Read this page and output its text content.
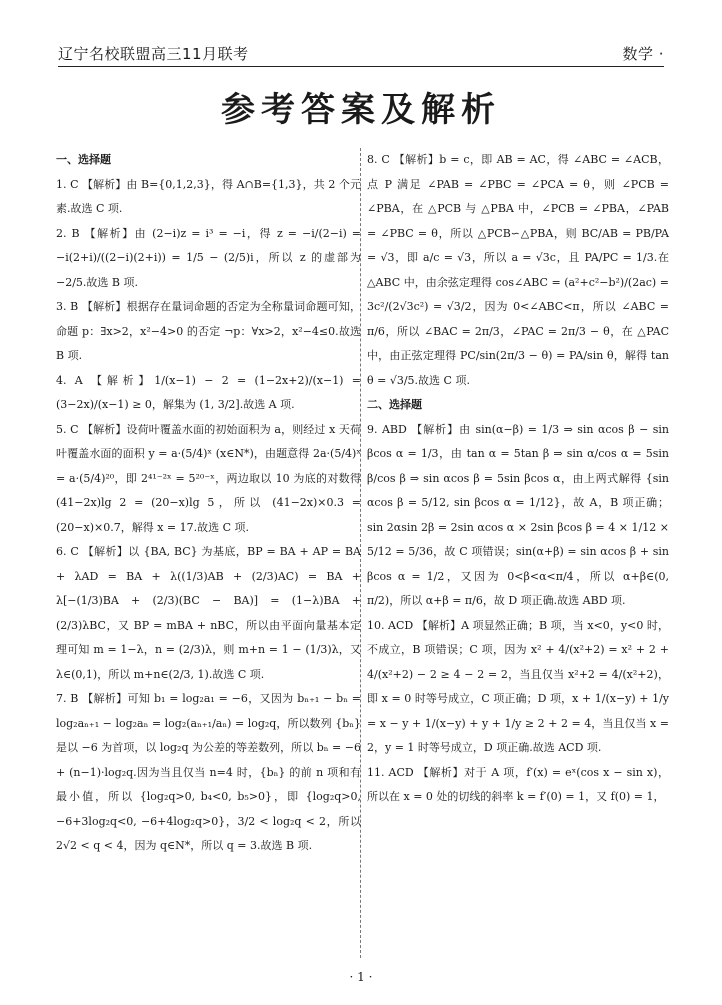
辽宁名校联盟高三11月联考	数学 ·
参考答案及解析
一、选择题

1. C 【解析】由 B={0,1,2,3}，得 A∩B={1,3}，共 2 个元素.故选 C 项.

2. B 【解析】由 (2−i)z = i³ = −i，得 z = −i/(2−i) = −i(2+i)/((2−i)(2+i)) = 1/5 − (2/5)i，所以 z 的虚部为 −2/5.故选 B 项.

3. B 【解析】根据存在量词命题的否定为全称量词命题可知，命题 p：∃x>2，x²−4>0 的否定 ¬p：∀x>2，x²−4≤0.故选 B 项.

4. A 【解析】1/(x−1) − 2 = (1−2x+2)/(x−1) = (3−2x)/(x−1) ≥ 0，解集为 (1, 3/2].故选 A 项.

5. C 【解析】设荷叶覆盖水面的初始面积为 a，则经过 x 天荷叶覆盖水面的面积 y = a·(5/4)ˣ (x∈N*)，由题意得 2a·(5/4)ˣ = a·(5/4)²⁰，即 2⁴¹⁻²ˣ = 5²⁰⁻ˣ，两边取以 10 为底的对数得 (41−2x)lg 2 = (20−x)lg 5，所以 (41−2x)×0.3 = (20−x)×0.7，解得 x = 17.故选 C 项.

6. C 【解析】以 {BA, BC} 为基底，BP = BA + AP = BA + λAD = BA + λ((1/3)AB + (2/3)AC) = BA + λ[−(1/3)BA + (2/3)(BC − BA)] = (1−λ)BA + (2/3)λBC，又 BP = mBA + nBC，所以由平面向量基本定理可知 m = 1−λ，n = (2/3)λ，则 m+n = 1 − (1/3)λ，又 λ∈(0,1)，所以 m+n∈(2/3, 1).故选 C 项.

7. B 【解析】可知 b₁ = log₂a₁ = −6，又因为 bₙ₊₁ − bₙ = log₂aₙ₊₁ − log₂aₙ = log₂(aₙ₊₁/aₙ) = log₂q，所以数列 {bₙ} 是以 −6 为首项，以 log₂q 为公差的等差数列，所以 bₙ = −6 + (n−1)·log₂q.因为当且仅当 n=4 时，{bₙ} 的前 n 项和有最小值，所以 {log₂q>0, b₄<0, b₅>0}，即 {log₂q>0, −6+3log₂q<0, −6+4log₂q>0}，3/2 < log₂q < 2，所以 2√2 < q < 4，因为 q∈N*，所以 q = 3.故选 B 项.

8. C 【解析】b = c，即 AB = AC，得 ∠ABC = ∠ACB，点 P 满足 ∠PAB = ∠PBC = ∠PCA = θ，则 ∠PCB = ∠PBA，在 △PCB 与 △PBA 中，∠PCB = ∠PBA，∠PAB = ∠PBC = θ，所以 △PCB∽△PBA，则 BC/AB = PB/PA = √3，即 a/c = √3，所以 a = √3c，且 PA/PC = 1/3.在 △ABC 中，由余弦定理得 cos∠ABC = (a²+c²−b²)/(2ac) = 3c²/(2√3c²) = √3/2，因为 0<∠ABC<π，所以 ∠ABC = π/6，所以 ∠BAC = 2π/3，∠PAC = 2π/3 − θ，在 △PAC 中，由正弦定理得 PC/sin(2π/3 − θ) = PA/sin θ，解得 tan θ = √3/5.故选 C 项.

二、选择题

9. ABD 【解析】由 sin(α−β) = 1/3 ⇒ sin αcos β − sin βcos α = 1/3，由 tan α = 5tan β ⇒ sin α/cos α = 5sin β/cos β ⇒ sin αcos β = 5sin βcos α，由上两式解得 {sin αcos β = 5/12, sin βcos α = 1/12}，故 A，B 项正确；sin 2αsin 2β = 2sin αcos α × 2sin βcos β = 4 × 1/12 × 5/12 = 5/36，故 C 项错误；sin(α+β) = sin αcos β + sin βcos α = 1/2，又因为 0<β<α<π/4，所以 α+β∈(0, π/2)，所以 α+β = π/6，故 D 项正确.故选 ABD 项.

10. ACD 【解析】A 项显然正确；B 项，当 x<0，y<0 时，不成立，B 项错误；C 项，因为 x² + 4/(x²+2) = x² + 2 + 4/(x²+2) − 2 ≥ 4 − 2 = 2，当且仅当 x²+2 = 4/(x²+2)，即 x = 0 时等号成立，C 项正确；D 项，x + 1/(x−y) + 1/y = x − y + 1/(x−y) + y + 1/y ≥ 2 + 2 = 4，当且仅当 x = 2，y = 1 时等号成立，D 项正确.故选 ACD 项.

11. ACD 【解析】对于 A 项，f′(x) = eˣ(cos x − sin x)，所以在 x = 0 处的切线的斜率 k = f′(0) = 1，又 f(0) = 1，

· 1 ·
